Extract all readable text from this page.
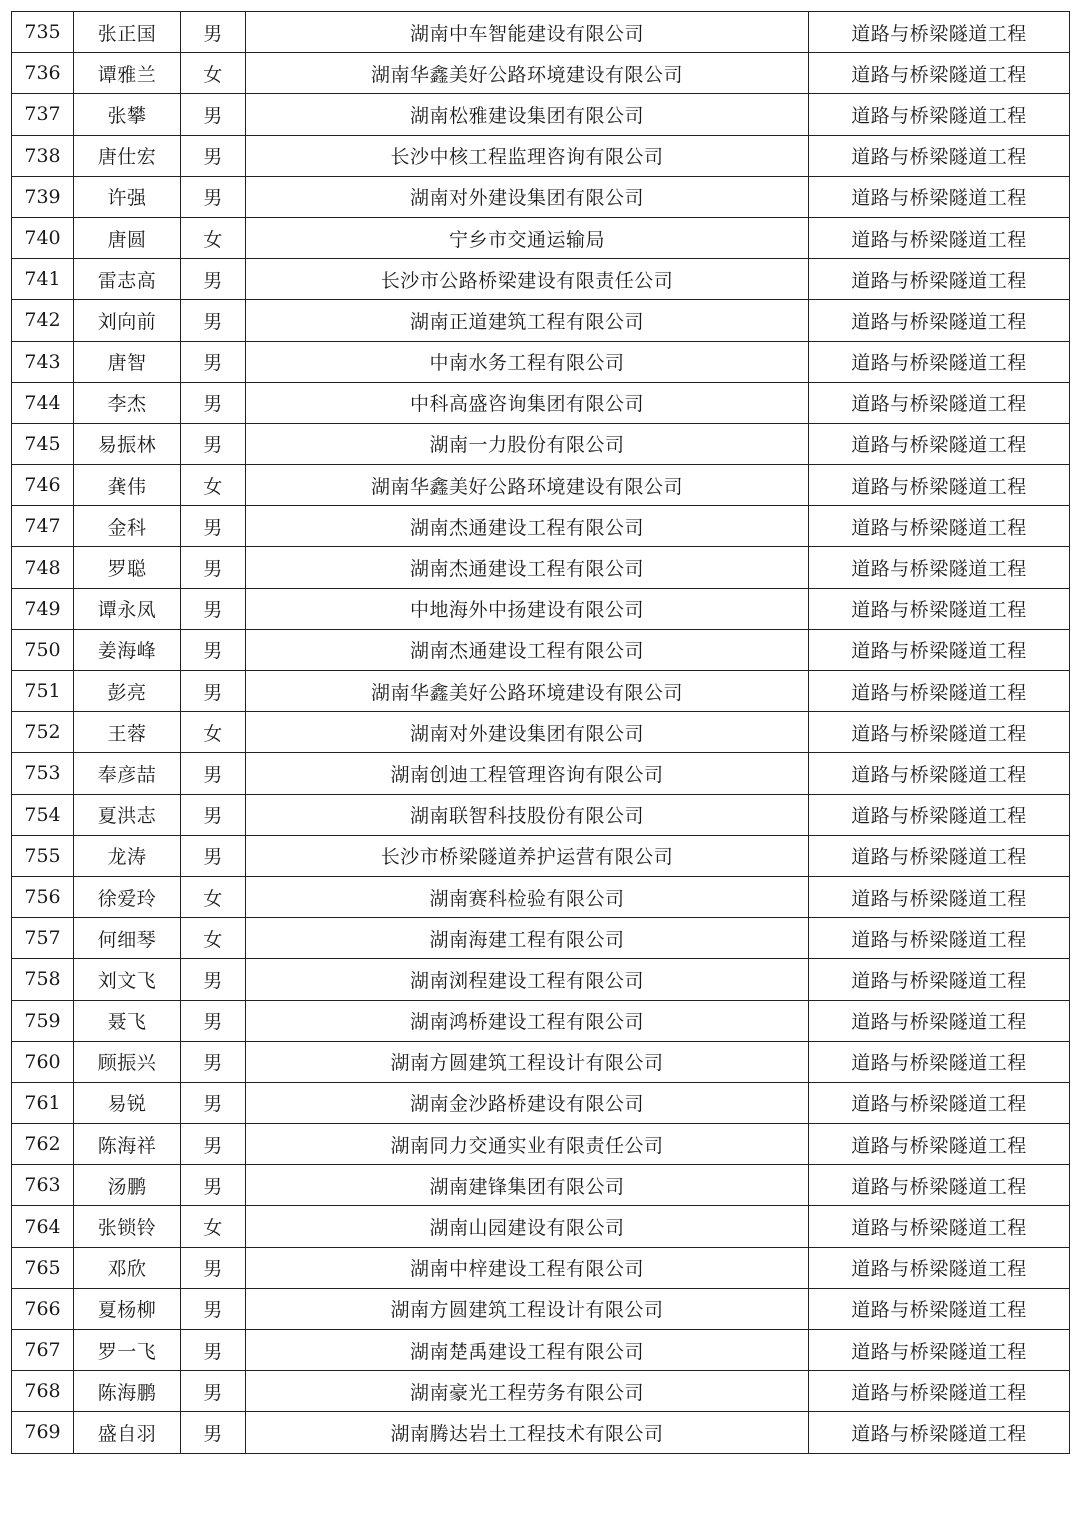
735	张正国	男	湖南中车智能建设有限公司	道路与桥梁隧道工程
736	谭雅兰	女	湖南华鑫美好公路环境建设有限公司	道路与桥梁隧道工程
737	张攀	男	湖南松雅建设集团有限公司	道路与桥梁隧道工程
738	唐仕宏	男	长沙中核工程监理咨询有限公司	道路与桥梁隧道工程
739	许强	男	湖南对外建设集团有限公司	道路与桥梁隧道工程
740	唐圆	女	宁乡市交通运输局	道路与桥梁隧道工程
741	雷志高	男	长沙市公路桥梁建设有限责任公司	道路与桥梁隧道工程
742	刘向前	男	湖南正道建筑工程有限公司	道路与桥梁隧道工程
743	唐智	男	中南水务工程有限公司	道路与桥梁隧道工程
744	李杰	男	中科高盛咨询集团有限公司	道路与桥梁隧道工程
745	易振林	男	湖南一力股份有限公司	道路与桥梁隧道工程
746	龚伟	女	湖南华鑫美好公路环境建设有限公司	道路与桥梁隧道工程
747	金科	男	湖南杰通建设工程有限公司	道路与桥梁隧道工程
748	罗聪	男	湖南杰通建设工程有限公司	道路与桥梁隧道工程
749	谭永凤	男	中地海外中扬建设有限公司	道路与桥梁隧道工程
750	姜海峰	男	湖南杰通建设工程有限公司	道路与桥梁隧道工程
751	彭亮	男	湖南华鑫美好公路环境建设有限公司	道路与桥梁隧道工程
752	王蓉	女	湖南对外建设集团有限公司	道路与桥梁隧道工程
753	奉彦喆	男	湖南创迪工程管理咨询有限公司	道路与桥梁隧道工程
754	夏洪志	男	湖南联智科技股份有限公司	道路与桥梁隧道工程
755	龙涛	男	长沙市桥梁隧道养护运营有限公司	道路与桥梁隧道工程
756	徐爱玲	女	湖南赛科检验有限公司	道路与桥梁隧道工程
757	何细琴	女	湖南海建工程有限公司	道路与桥梁隧道工程
758	刘文飞	男	湖南浏程建设工程有限公司	道路与桥梁隧道工程
759	聂飞	男	湖南鸿桥建设工程有限公司	道路与桥梁隧道工程
760	顾振兴	男	湖南方圆建筑工程设计有限公司	道路与桥梁隧道工程
761	易锐	男	湖南金沙路桥建设有限公司	道路与桥梁隧道工程
762	陈海祥	男	湖南同力交通实业有限责任公司	道路与桥梁隧道工程
763	汤鹏	男	湖南建锋集团有限公司	道路与桥梁隧道工程
764	张锁铃	女	湖南山园建设有限公司	道路与桥梁隧道工程
765	邓欣	男	湖南中梓建设工程有限公司	道路与桥梁隧道工程
766	夏杨柳	男	湖南方圆建筑工程设计有限公司	道路与桥梁隧道工程
767	罗一飞	男	湖南楚禹建设工程有限公司	道路与桥梁隧道工程
768	陈海鹏	男	湖南豪光工程劳务有限公司	道路与桥梁隧道工程
769	盛自羽	男	湖南腾达岩土工程技术有限公司	道路与桥梁隧道工程
